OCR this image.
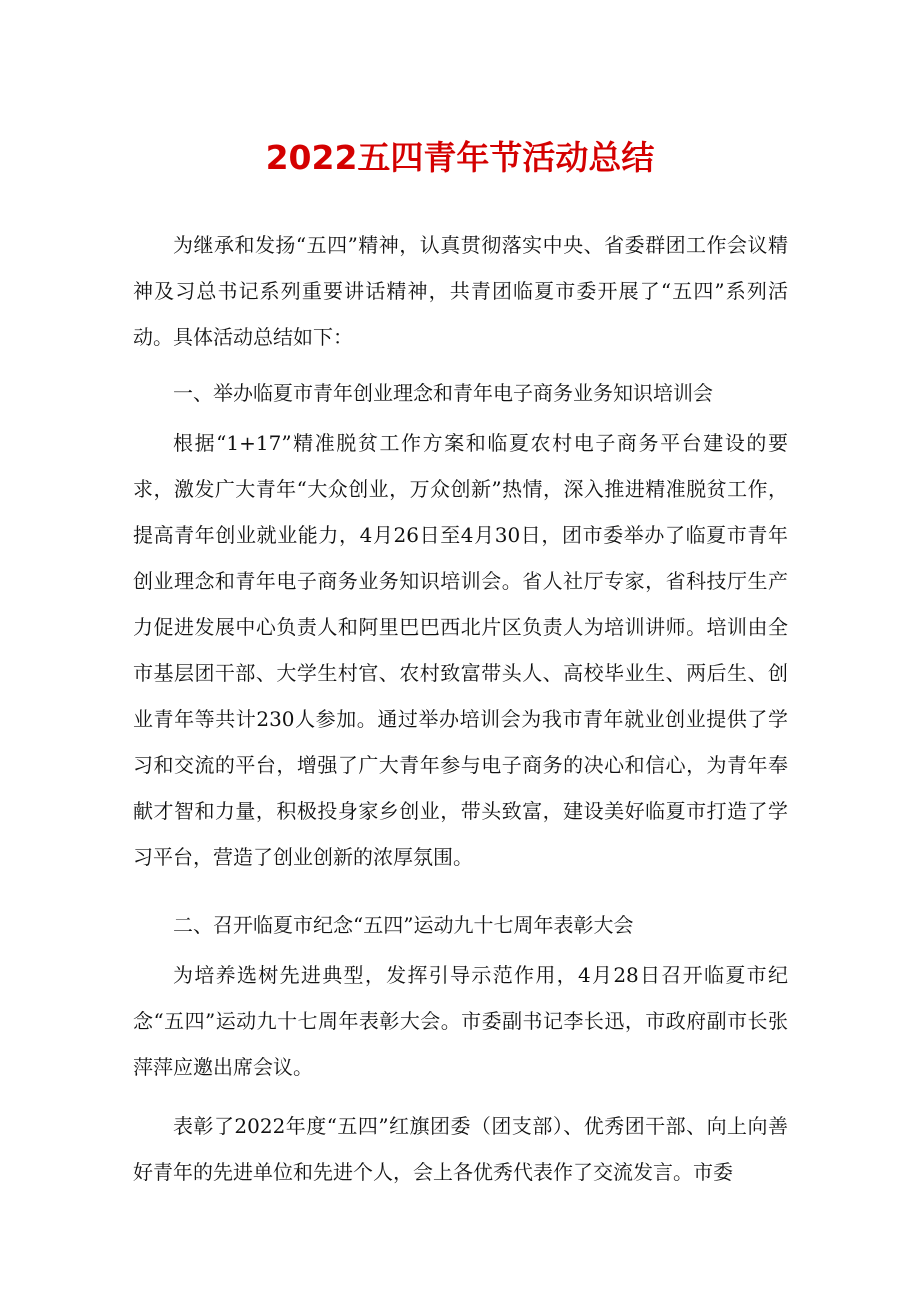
2022五四青年节活动总结

为继承和发扬“五四”精神，认真贯彻落实中央、省委群团工作会议精神及习总书记系列重要讲话精神，共青团临夏市委开展了“五四”系列活动。具体活动总结如下：

一、举办临夏市青年创业理念和青年电子商务业务知识培训会

根据“1+17”精准脱贫工作方案和临夏农村电子商务平台建设的要求，激发广大青年“大众创业，万众创新”热情，深入推进精准脱贫工作，提高青年创业就业能力，4月26日至4月30日，团市委举办了临夏市青年创业理念和青年电子商务业务知识培训会。省人社厅专家，省科技厅生产力促进发展中心负责人和阿里巴巴西北片区负责人为培训讲师。培训由全市基层团干部、大学生村官、农村致富带头人、高校毕业生、两后生、创业青年等共计230人参加。通过举办培训会为我市青年就业创业提供了学习和交流的平台，增强了广大青年参与电子商务的决心和信心，为青年奉献才智和力量，积极投身家乡创业，带头致富，建设美好临夏市打造了学习平台，营造了创业创新的浓厚氛围。

二、召开临夏市纪念“五四”运动九十七周年表彰大会

为培养选树先进典型，发挥引导示范作用，4月28日召开临夏市纪念“五四”运动九十七周年表彰大会。市委副书记李长迅，市政府副市长张萍萍应邀出席会议。

表彰了2022年度“五四”红旗团委（团支部）、优秀团干部、向上向善好青年的先进单位和先进个人，会上各优秀代表作了交流发言。市委
